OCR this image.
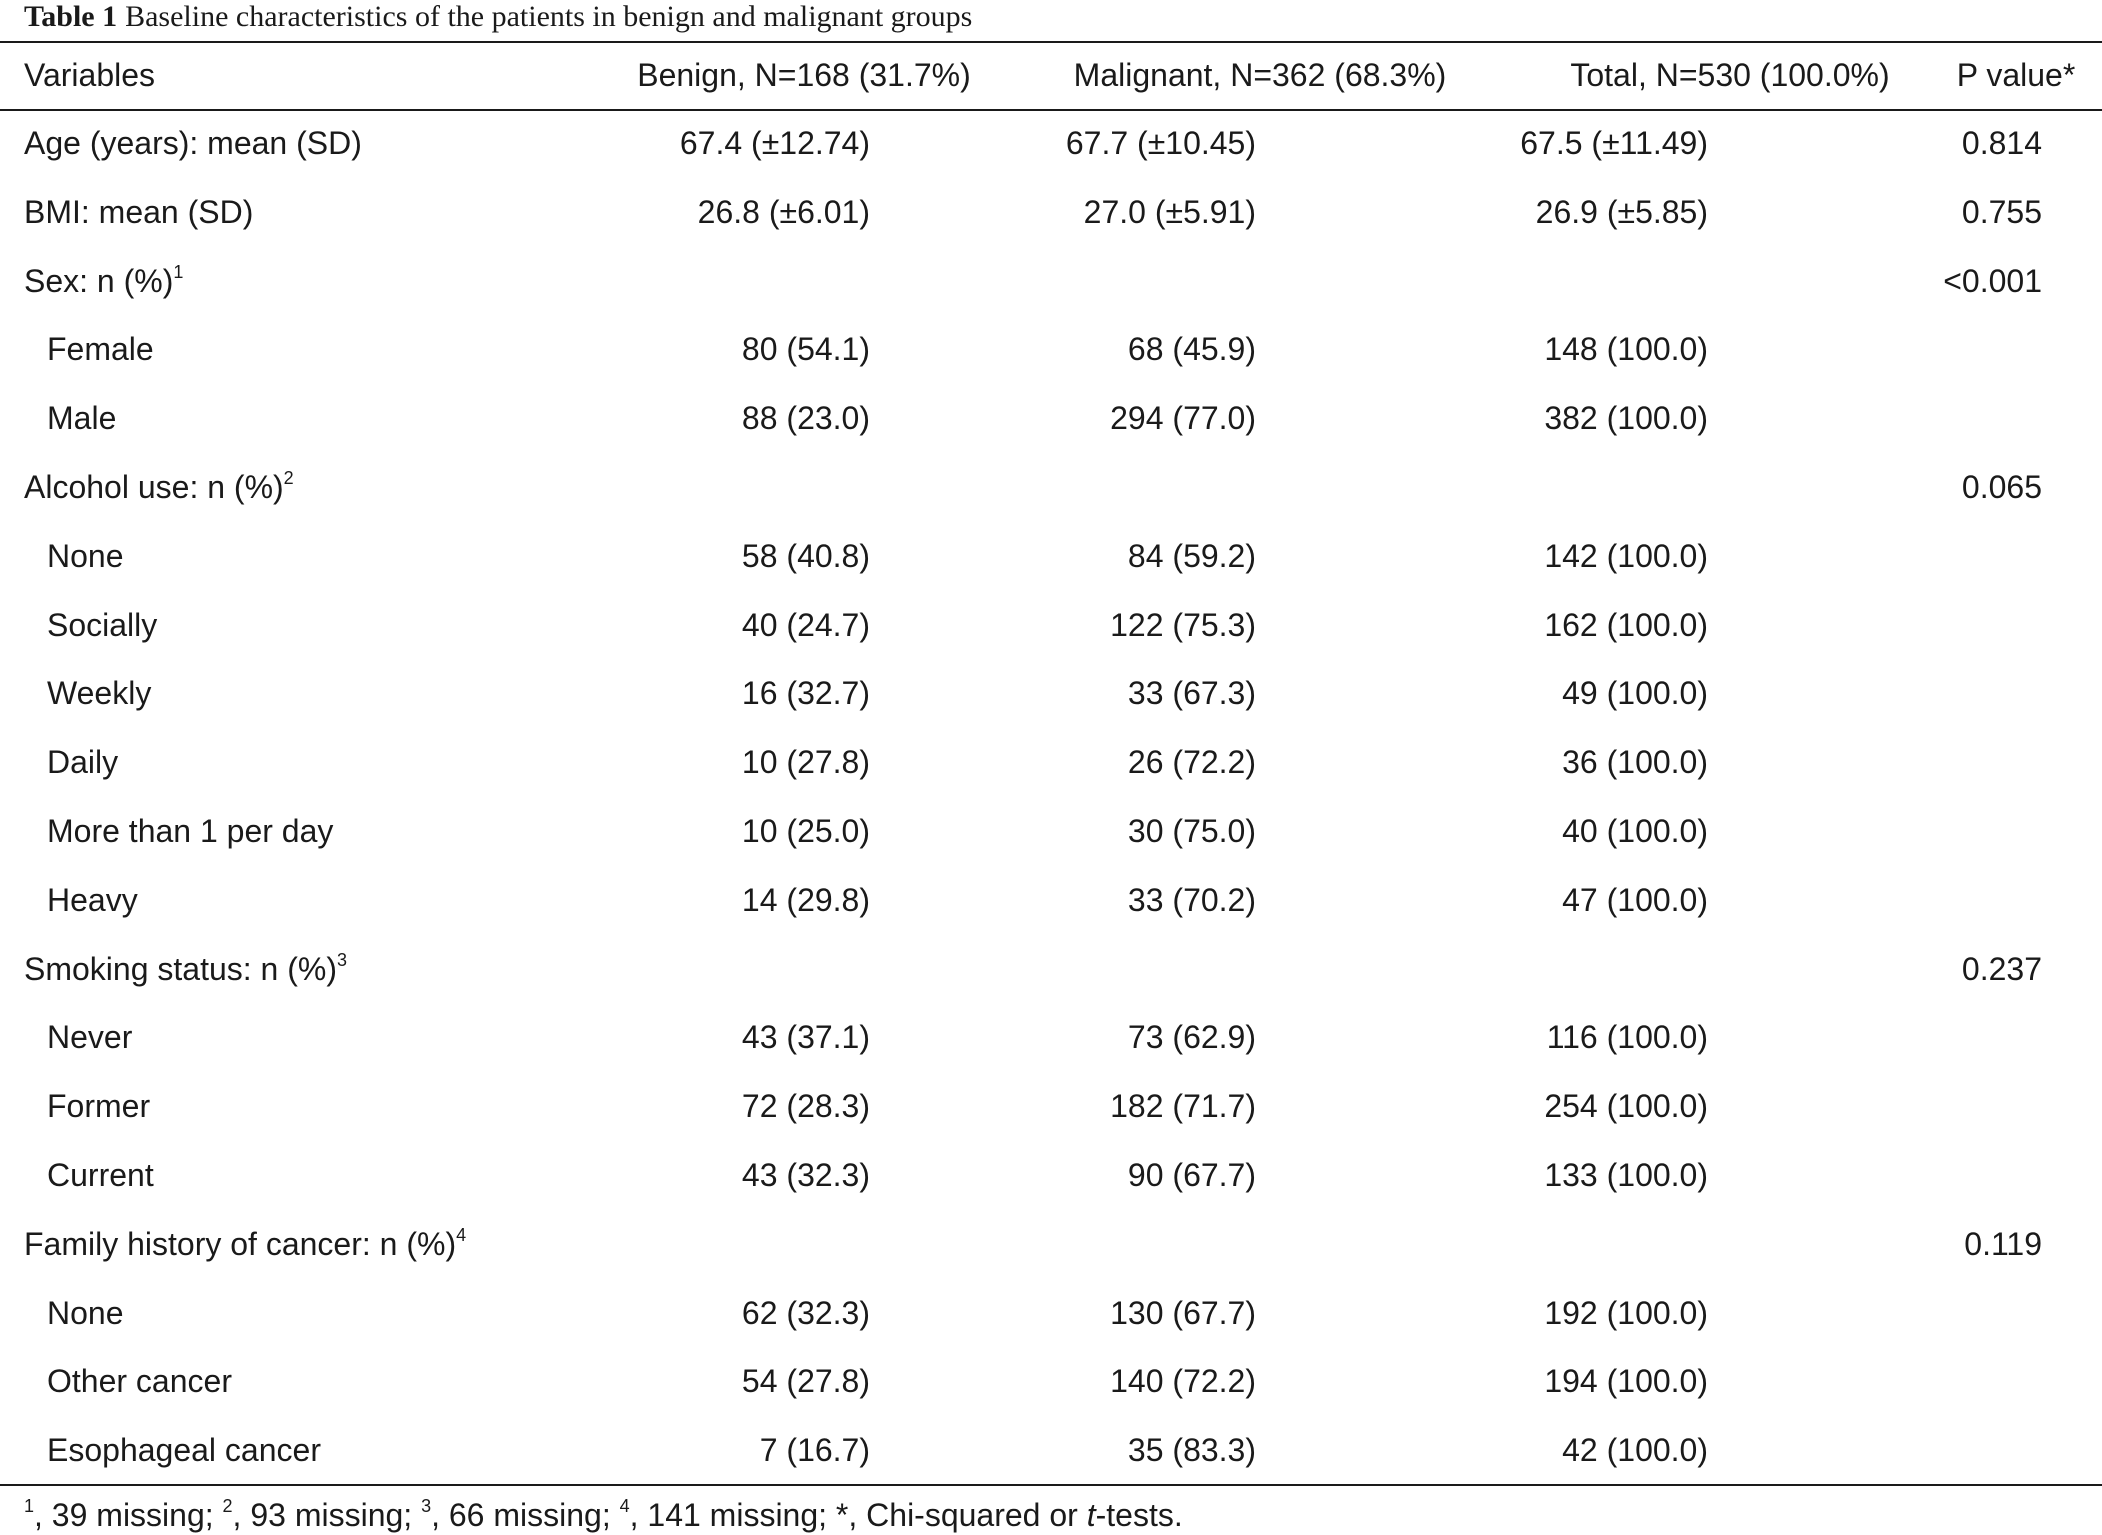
Table 1 Baseline characteristics of the patients in benign and malignant groups
Variables	Benign, N=168 (31.7%)	Malignant, N=362 (68.3%)	Total, N=530 (100.0%)	P value*
Age (years): mean (SD)	67.4 (±12.74)	67.7 (±10.45)	67.5 (±11.49)	0.814
BMI: mean (SD)	26.8 (±6.01)	27.0 (±5.91)	26.9 (±5.85)	0.755
Sex: n (%)$^1$				<0.001
Female	80 (54.1)	68 (45.9)	148 (100.0)	
Male	88 (23.0)	294 (77.0)	382 (100.0)	
Alcohol use: n (%)$^2$				0.065
None	58 (40.8)	84 (59.2)	142 (100.0)	
Socially	40 (24.7)	122 (75.3)	162 (100.0)	
Weekly	16 (32.7)	33 (67.3)	49 (100.0)	
Daily	10 (27.8)	26 (72.2)	36 (100.0)	
More than 1 per day	10 (25.0)	30 (75.0)	40 (100.0)	
Heavy	14 (29.8)	33 (70.2)	47 (100.0)	
Smoking status: n (%)$^3$				0.237
Never	43 (37.1)	73 (62.9)	116 (100.0)	
Former	72 (28.3)	182 (71.7)	254 (100.0)	
Current	43 (32.3)	90 (67.7)	133 (100.0)	
Family history of cancer: n (%)$^4$				0.119
None	62 (32.3)	130 (67.7)	192 (100.0)	
Other cancer	54 (27.8)	140 (72.2)	194 (100.0)	
Esophageal cancer	7 (16.7)	35 (83.3)	42 (100.0)	
$^1$, 39 missing; $^2$, 93 missing; $^3$, 66 missing; $^4$, 141 missing; *, Chi-squared or t-tests.
